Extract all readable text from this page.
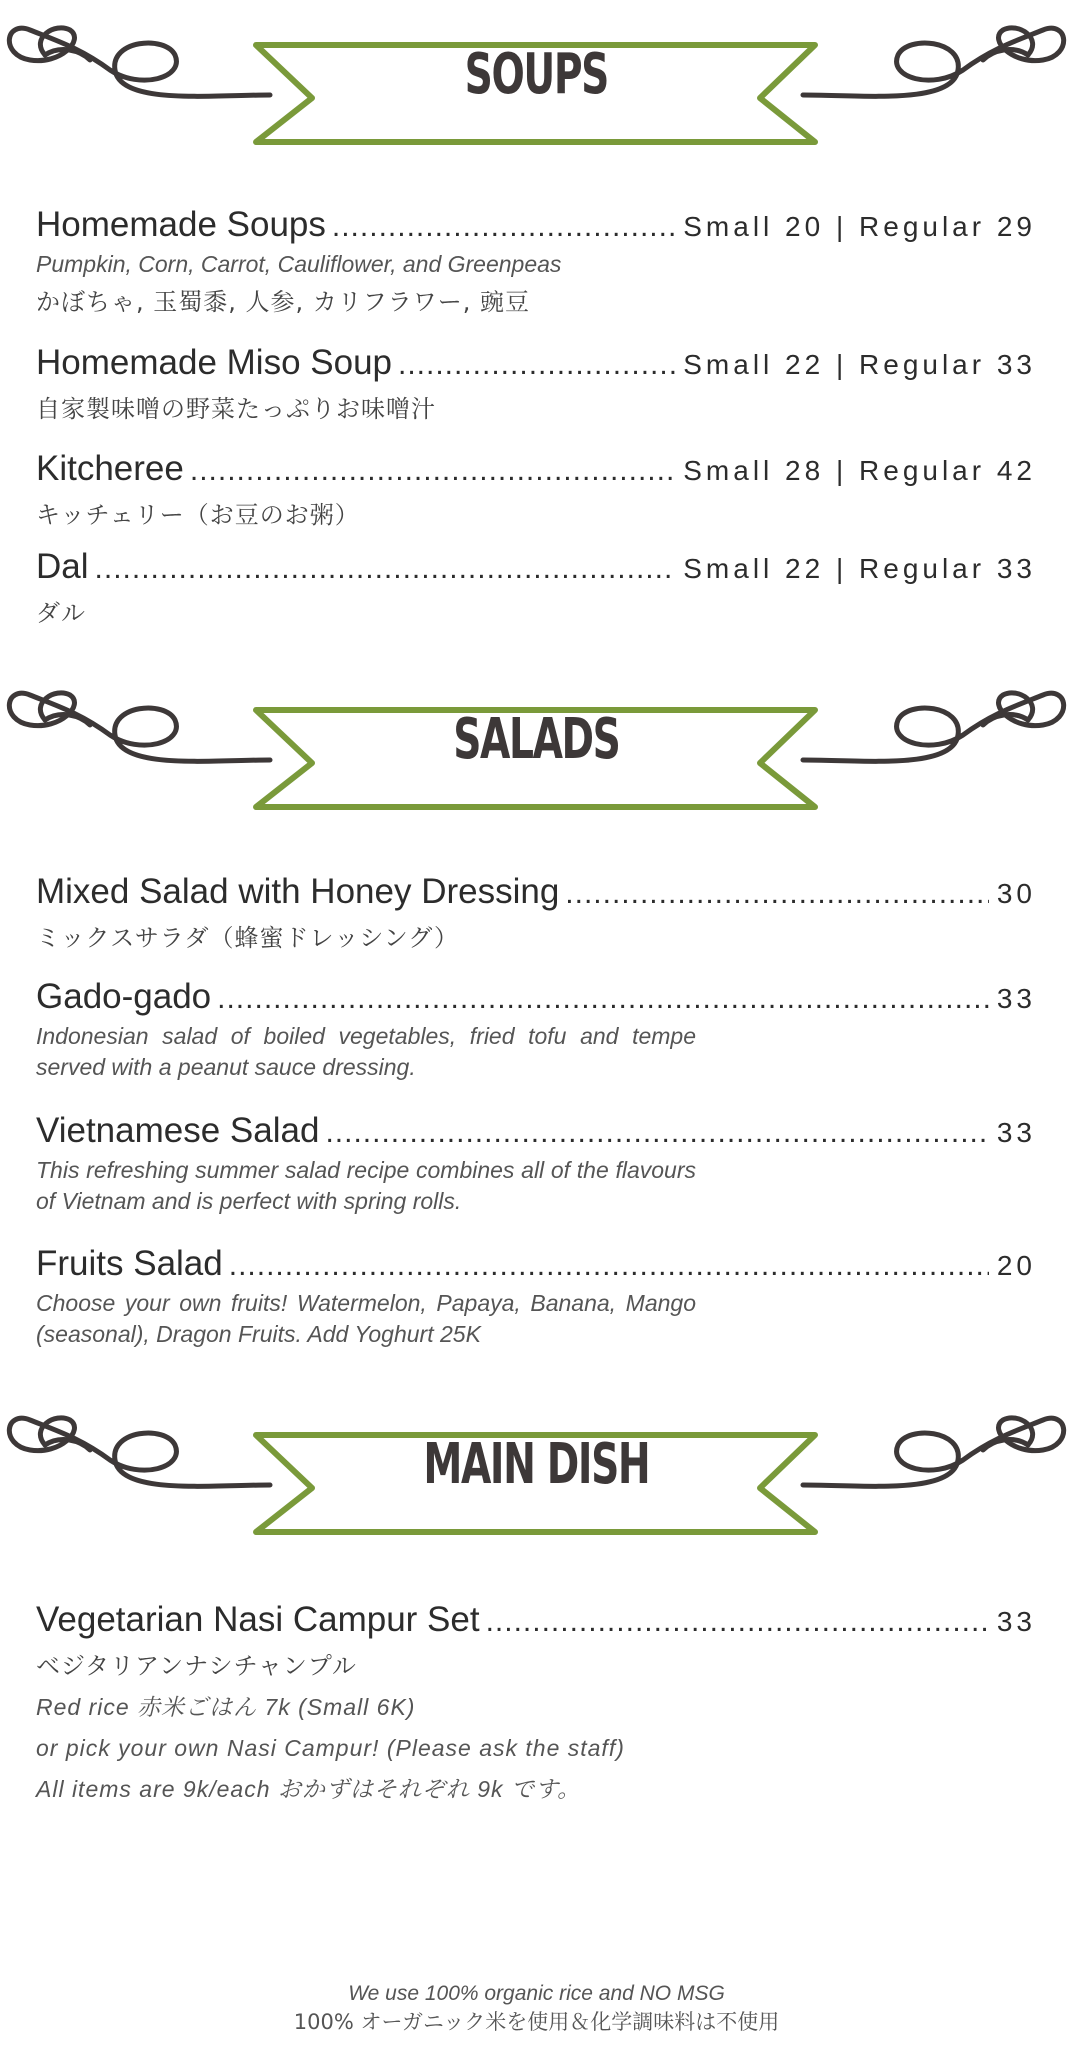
SOUPS
Homemade Soups .....	Small 20 | Regular 29
Pumpkin, Corn, Carrot, Cauliflower, and Greenpeas
かぼちゃ, 玉蜀黍, 人参, カリフラワー, 豌豆
Homemade Miso Soup .....	Small 22 | Regular 33
自家製味噌の野菜たっぷりお味噌汁
Kitcheree .....	Small 28 | Regular 42
キッチェリー（お豆のお粥）
Dal .....	Small 22 | Regular 33
ダル
SALADS
Mixed Salad with Honey Dressing .....	30
ミックスサラダ（蜂蜜ドレッシング）
Gado-gado .....	33
Indonesian salad of boiled vegetables, fried tofu and tempe served with a peanut sauce dressing.
Vietnamese Salad .....	33
This refreshing summer salad recipe combines all of the flavours of Vietnam and is perfect with spring rolls.
Fruits Salad .....	20
Choose your own fruits! Watermelon, Papaya, Banana, Mango (seasonal), Dragon Fruits. Add Yoghurt 25K
MAIN DISH
Vegetarian Nasi Campur Set .....	33
ベジタリアンナシチャンプル
Red rice 赤米ごはん 7k (Small 6K)
or pick your own Nasi Campur! (Please ask the staff)
All items are 9k/each おかずはそれぞれ 9k です。
We use 100% organic rice and NO MSG
100% オーガニック米を使用＆化学調味料は不使用
